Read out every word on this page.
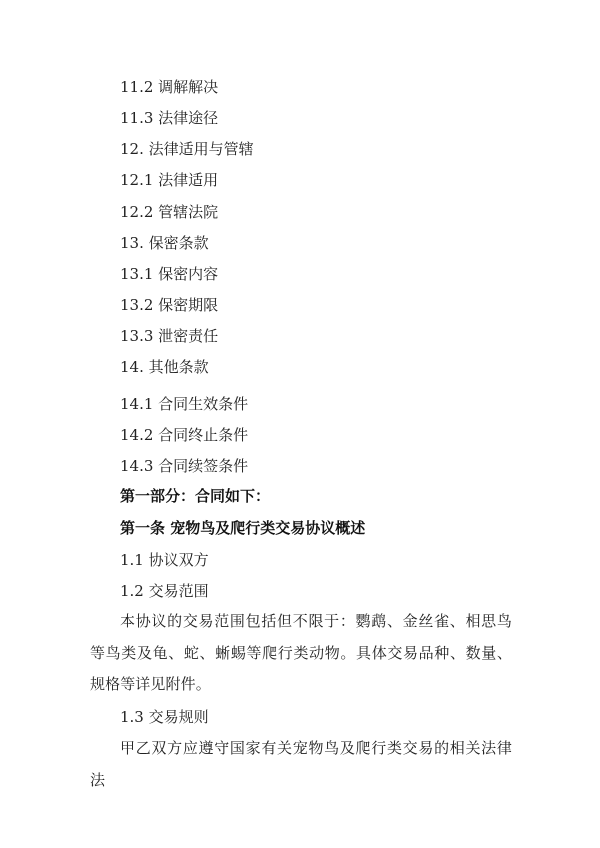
11.2 调解解决
11.3 法律途径
12. 法律适用与管辖
12.1 法律适用
12.2 管辖法院
13. 保密条款
13.1 保密内容
13.2 保密期限
13.3 泄密责任
14. 其他条款
14.1 合同生效条件
14.2 合同终止条件
14.3 合同续签条件
第一部分：合同如下：
第一条 宠物鸟及爬行类交易协议概述
1.1 协议双方
1.2 交易范围
本协议的交易范围包括但不限于：鹦鹉、金丝雀、相思鸟等鸟类及龟、蛇、蜥蜴等爬行类动物。具体交易品种、数量、规格等详见附件。
1.3 交易规则
甲乙双方应遵守国家有关宠物鸟及爬行类交易的相关法律法
